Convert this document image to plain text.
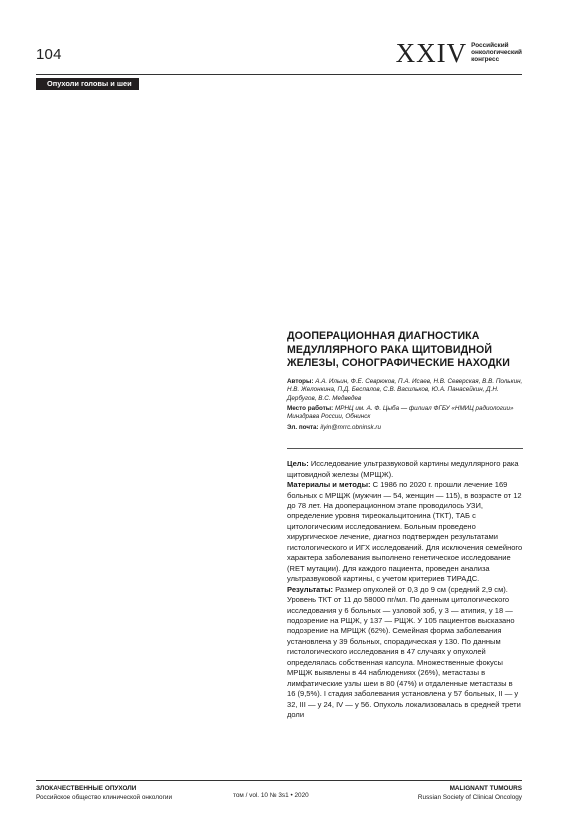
104	XXIV Российский
онкологический
конгресс
Опухоли головы и шеи
ДООПЕРАЦИОННАЯ ДИАГНОСТИКА
МЕДУЛЛЯРНОГО РАКА ЩИТОВИДНОЙ
ЖЕЛЕЗЫ, СОНОГРАФИЧЕСКИЕ НАХОДКИ

Авторы: А.А. Ильин, Ф.Е. Севрюков, П.А. Исаев, Н.В. Северская, В.В. Полькин, Н.В. Желонкина, П.Д. Беспалов, С.В. Васильков, Ю.А. Панасейкин, Д.Н. Дербугов, В.С. Медведев

Место работы: МРНЦ им. А. Ф. Цыба — филиал ФГБУ «НМИЦ радиологии» Минздрава России, Обнинск

Эл. почта: ilyin@mrrc.obninsk.ru

Цель: Исследование ультразвуковой картины медуллярного рака щитовидной железы (МРЩЖ).

Материалы и методы: С 1986 по 2020 г. прошли лечение 169 больных с МРЩЖ (мужчин — 54, женщин — 115), в возрасте от 12 до 78 лет. На дооперационном этапе проводилось УЗИ, определение уровня тиреокальцитонина (ТКТ), ТАБ с цитологическим исследованием. Больным проведено хирургическое лечение, диагноз подтвержден результатами гистологического и ИГХ исследований. Для исключения семейного характера заболевания выполнено генетическое исследование (RET мутации). Для каждого пациента, проведен анализа ультразвуковой картины, с учетом критериев ТИРАДС.

Результаты: Размер опухолей от 0,3 до 9 см (средний 2,9 см). Уровень ТКТ от 11 до 58000 пг/мл. По данным цитологического исследования у 6 больных — узловой зоб, у 3 — атипия, у 18 — подозрение на РЩЖ, у 137 — РЩЖ. У 105 пациентов высказано подозрение на МРЩЖ (62%). Семейная форма заболевания установлена у 39 больных, спорадическая у 130. По данным гистологического исследования в 47 случаях у опухолей определялась собственная капсула. Множественные фокусы МРЩЖ выявлены в 44 наблюдениях (26%), метастазы в лимфатические узлы шеи в 80 (47%) и отдаленные метастазы в 16 (9,5%). I стадия заболевания установлена у 57 больных, II — у 32, III — у 24, IV — у 56. Опухоль локализовалась в средней трети доли

ЗЛОКАЧЕСТВЕННЫЕ ОПУХОЛИ
Российское общество клинической онкологии	том / vol. 10 № 3s1 • 2020
MALIGNANT TUMOURS
Russian Society of Clinical Oncology
